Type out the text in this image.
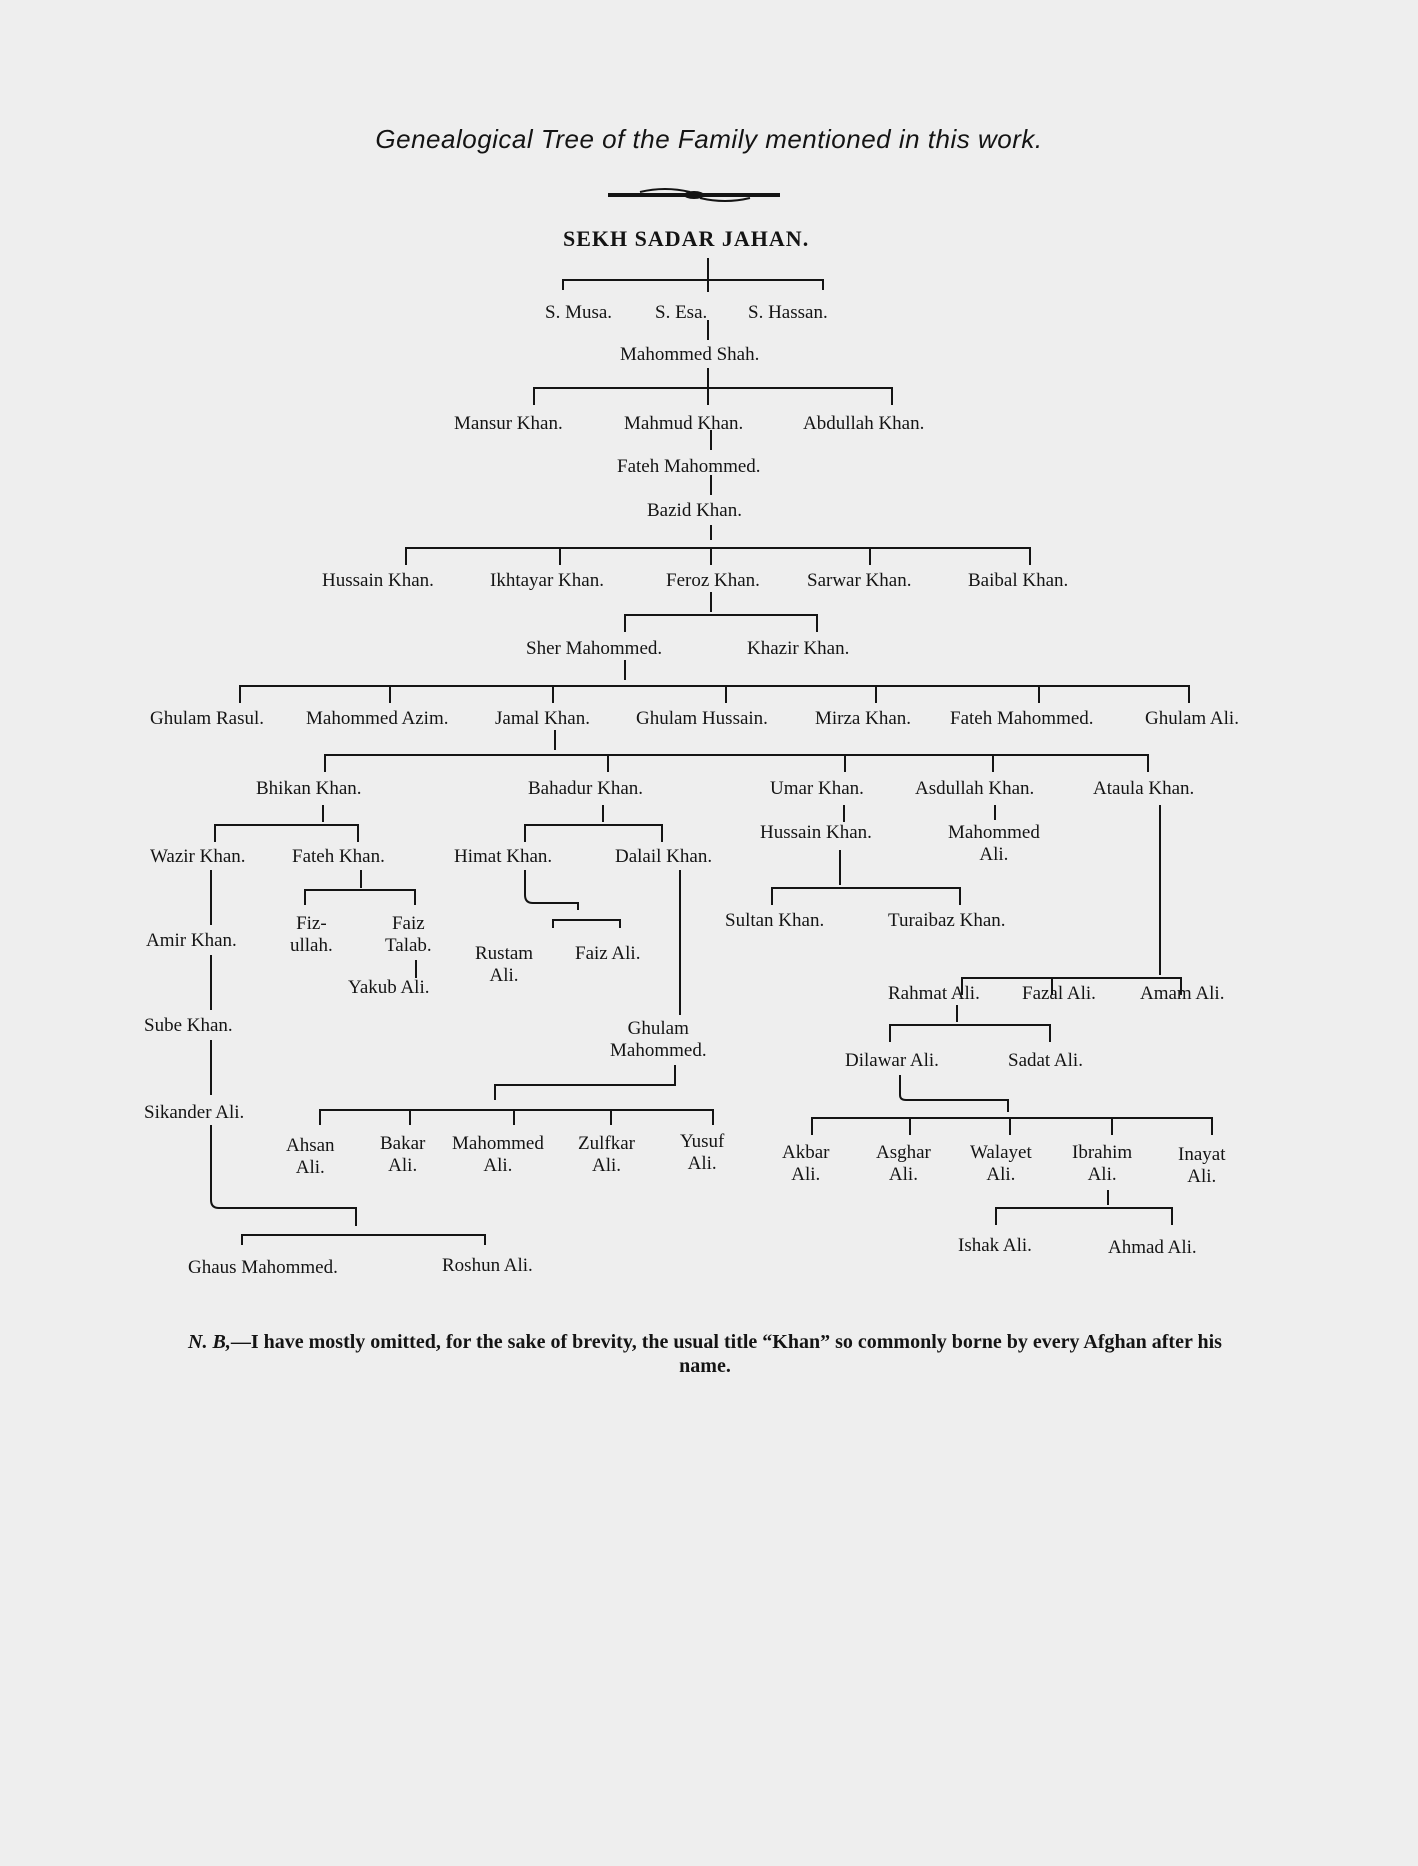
Genealogical Tree of the Family mentioned in this work.
SEKH SADAR JAHAN.
S. Musa. S. Esa. S. Hassan.
Mahommed Shah.
Mansur Khan.	Mahmud Khan.	Abdullah Khan.
Fateh Mahommed.
Bazid Khan.
Hussain Khan.	Ikhtayar Khan.	Feroz Khan. Sarwar Khan.	Baibal Khan.
Sher Mahommed.	Khazir Khan.
Ghulam Rasul. Mahommed Azim. Jamal Khan. Ghulam Hussain. Mirza Khan. Fateh Mahommed.	Ghulam Ali.
Bhikan Khan.	Bahadur Khan.	Umar Khan.	Asdullah Khan.	Ataula Khan.
Wazir Khan. Fateh Khan.	Himat Khan.	Dalail Khan.
Hussain Khan.	Mahommed
Ali.
Fiz-
ullah.
Faiz
Talab.
Amir Khan.
Rustam
Ali.
Faiz Ali.
Sultan Khan.	Turaibaz Khan.
Yakub Ali.	Rahmat Ali. Fazal Ali. Amam Ali.
Sube Khan.	Ghulam
Mahommed.	Dilawar Ali.	Sadat Ali.
Sikander Ali.
Ahsan
Ali.
Bakar
Ali.
Mahommed
Ali.
Zulfkar
Ali.
Yusuf
Ali.
Akbar
Ali.
Asghar
Ali.
Walayet
Ali.
Ibrahim
Ali.
Inayat
Ali.
Ishak Ali.	Ahmad Ali.
Ghaus Mahommed.	Roshun Ali.
N. B,—I have mostly omitted, for the sake of brevity, the usual title “Khan” so commonly borne by every Afghan after his name.
